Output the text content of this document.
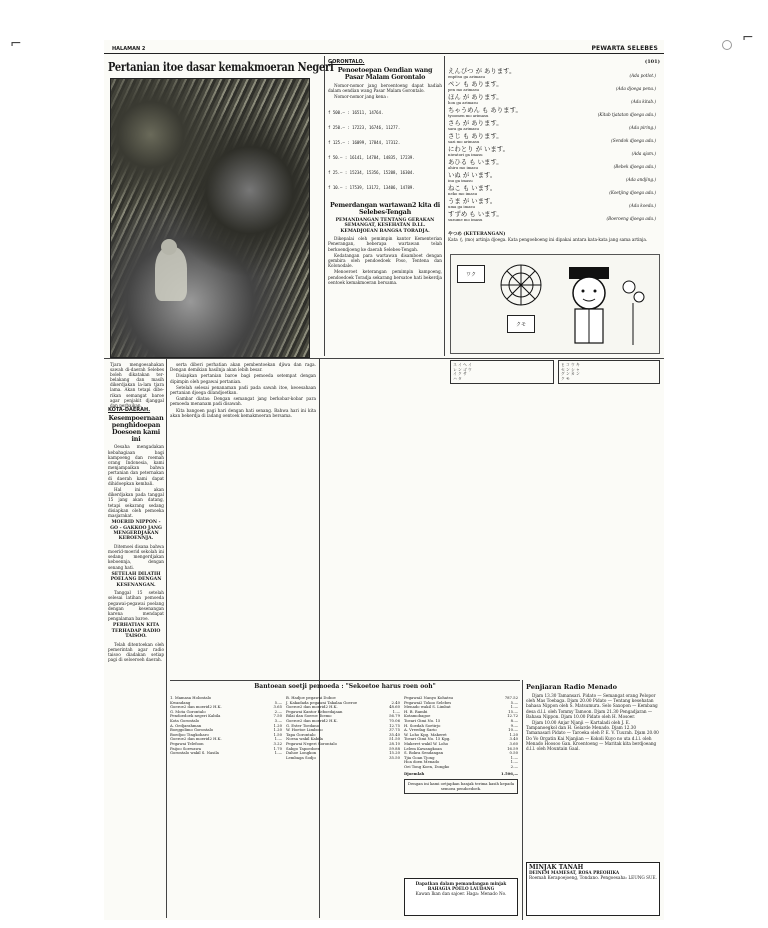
HALAMAN 2	PEWARTA SELEBES
Pertanian itoe dasar kemakmoeran Negeri
Tjara mengoesahakan sawah di-daerah Selebes boleh dikatakan ter-belakang dan masih dikerdjakan la-lam tjara lama. Akan tetapi dibe-rikan semangat baroe agar penjakit djanggal dan perbaikan.
KOTA-DAERAH.
Kesempoernaan penghidoepan Doesoen kami ini
Oesaha mengadakan kebahagiaan bagi kampoeng dan roemah orang Indonesia, kami menjampaikan bahwa pertanian dan peternakan di daerah kami dapat dihidoepkan kembali.
Hal ini akan dikerdjakan pada tanggal 15 jang akan datang, tetapi sekarang sedang disiapkan oleh pemoeka masjarakat.
MOERID NIPPON - GO - GAKKOO JANG MENGERDJAKAN KEBOENNJA.
Ditemoei disana bahwa moerid-moerid sekolah ini sedang mengerdjakan keboennja, dengan senang hati.
SETELAH DILATIH POELANG DENGAN KESENANGAN.
Tanggal 15 setelah selesai latihan pemoeda pegawai-pegawai poelang dengan kesenangan karena mendapat pengalaman baroe.
PERHATIAN KITA TERHADAP RADIO TAISOO.
Telah ditentoekan oleh pemerintah agar radio taisoo diadakan setiap pagi di seloeroeh daerah.
serta diberi perhatian akan pembentoekan djiwa dan raga. Dengan demikian hasilnja akan lebih besar.
Disiapkan pertanian baroe bagi pemoeda setempat dengan dipimpin oleh pegawai pertanian.
Setelah selesai penanaman padi pada sawah itoe, keoesahaan pertanian djoega dilandjoetkan.
Gambar diatas: Dengan semangat jang berkobar-kobar para pemoeda menanam padi disawah.
Kita bangoen pagi hari dengan hati senang. Bahwa hari ini kita akan bekerdja di ladang oentoek kemakmoeran bersama.
GORONTALO.
Penoetoepan Oendian wang Pasar Malam Gorontalo
Nomor-nomor jang beroentoeng dapat hadiah dalam oendian wang Pasar Malam Gorontalo.
Nomor-nomor jang kena :

f 500.— : 16511, 14764.

f 250.— : 17223, 16746, 11277.

f 125.— : 16099, 17844, 17312.

f 50.— : 16141, 14784, 14835, 17239.

f 25.— : 15234, 15356, 15208, 16304.

f 10.— : 17539, 13172, 13406, 14789.

Pemerdangan wartawan2 kita di Selebes-Tengah
PEMANDANGAN TENTANG GERAKAN SEMANGAT, KESEHATAN D.LL. KEMADJOEAN BANGSA TORADJA.
Dikepalai oleh pemimpin kantor Kementerian Penerangan, beberapa wartawan telah berkoendjoeng ke daerah Selebes-Tengah.
Kedatangan para wartawan disamboet dengan gembira oleh pendoedoek Poso, Tentena dan Kolonodale.
Menoeroet keterangan pemimpin kampoeng, pendoedoek Toradja sekarang bersatoe hati bekerdja oentoek kemakmoeran bersama.
(101)
えんぴつ が あります。
enpitsu ga arimasu	(Ada potlot.)
ペン も あります。
pen mo arimasu	(Ada djoega pena.)
ほん が あります。
hon ga arimasu	(Ada kitab.)
ちゃうめん も あります。
tyoomen mo arimasu	(Kitab tjatatan djoega ada.)
さら が あります。
sara ga arimasu	(Ada piring.)
さじ も あります。
sazi mo arimasu	(Sendok djoega ada.)
にわとり が います。
niwatori ga imasu	(Ada ajam.)
あひる も います。
ahiru mo imasu	(Bebek djoega ada.)
いぬ が います。
inu ga imasu	(Ada andjing.)
ねこ も います。
neko mo imasu	(Koetjing djoega ada.)
うま が います。
uma ga imasu	(Ada koeda.)
すずめ も います。
suzume mo imasu	(Boeroeng djoega ada.)
やつめ (KETERANGAN)
Kata も (mo) artinja djoega. Kata pengoeboeng ini dipakai antara kata-kata jang sama artinja.
ワク
クモ
ス イ ヘ イ
レ ン ゴ ウ
イ ク サ
ハ タ
ヒ コ ウ キ
セ ン シ ャ
グ ン カ ン
ク モ
Bantoean soetji pemoeda : "Sekoetoe harus roen ooh"
1. Mamasa Holontalo
Kwandang	5.—
Goeroe2 dan moerid2 H.K.	3.65
G. Mota Gorontalo	2.—
Pendoedoek negeri Kabila	7.50
Kota Gorontalo	3.—
A. Oedjarahman	1.20
Boeggolimo Gorontalo	1.20
Boedjoo Tingkoharo	1.50
Goeroe2 dan moerid2 H.K.	1.—
Pegawai Telefoon	3.22
Paijoo Soewawa	1.70
Gorontalo wakil S. Nasila	1.—
B. Hadjoe pegawai Doboe
J. Kakadada pegawai Takalaa Goeroe	2.40
Goeroe2 dan moerid2 H.K.	48.60
Pegawai Kantor Keboedajaan	1.—
Bilai dan Soeroe Toemo	56.79
Goeroe2 dan moerid2 H.K.	70.06
G. Ester Toedano	12.75
W. Hoetoe Limboto	37.75
Tapa Gorontalo	35.40
Noesa wakil Kabila	51.50
Pegawai Negeri Gorontalo	28.10
Sabgo Tapoedoen	59.88
Dahoe Longkon	15.20
Lembaga Sodjo	35.50
Pegawai2 Nanyo Kohatsu	787.52
Pegawai2 Tokoo Selebes	5.—
Menado wakil S. Limbat	1.—
H. B. Rambi	15.—
Kotamobagoe	12.72
Toeari Gimi No. 15	8.—
H. Soedah Soetirjo	9.—
A. Vreedag Sario	10.—
W. Loho Kpg. Makeret	1.20
Toeari Gimi No. 15 Kpg.	3.40
Makeret wakil W. Loho	3.60
Lelem Kawangkoan	16.59
S. Bokra Sendangan	0.50
Tjia Goan Tjong	1.—
Hoa doen Menado	1.—
Oei Tong Koen, Dongko	2.—
Djoemlah	1.506,—
Dengan ini kami oetjapkan banjak terima kasih kepada semoea pendoedoek.
Penjiaran Radio Menado
Djam 13.30 Tamansari. Pidato — Semangat orang Pelopor oleh Mas Toebaga. Djam 20.00 Pidato — Tentang kesehatan bahasa Nippon oleh S. Matsumura. Selo Saxopon — Kembang desa d.l.l. oleh Tommy Tamoon. Djam 21.30 Pengadjaran — Bahasa Nippon. Djam 10.00 Pidato oleh H. Mosoer.
Djam 10.00 Anjar Njanji — Kartaladi oleh J. E. Tampanoegkol dan H. Gelarde Menado. Djam 12.30 Tamanasari Pidato — Taroeka oleh P. E. V. Tuurah. Djam 20.00 Do Vo Orgatin Kai Njanjian — Kokoli Kuyo no uta d.l.l. oleh Menado Hoosoo Gan. Kroentoeng — Maritak kita berdjoeang d.l.l. oleh Mountain Gaal.
Dapatkan dalam pemandangan minjak BAHAGIA POELO LAUDANG
Kawan Ikan dan sajoer. Haga: Menado No.
MINJAK TANAH
DEINEM MAMESAT, ROSA PREOHIKA
Roemah Kerapoejoeng, Tondano. Pengoesaha: LEUNG SUE.
⌐	⌐
